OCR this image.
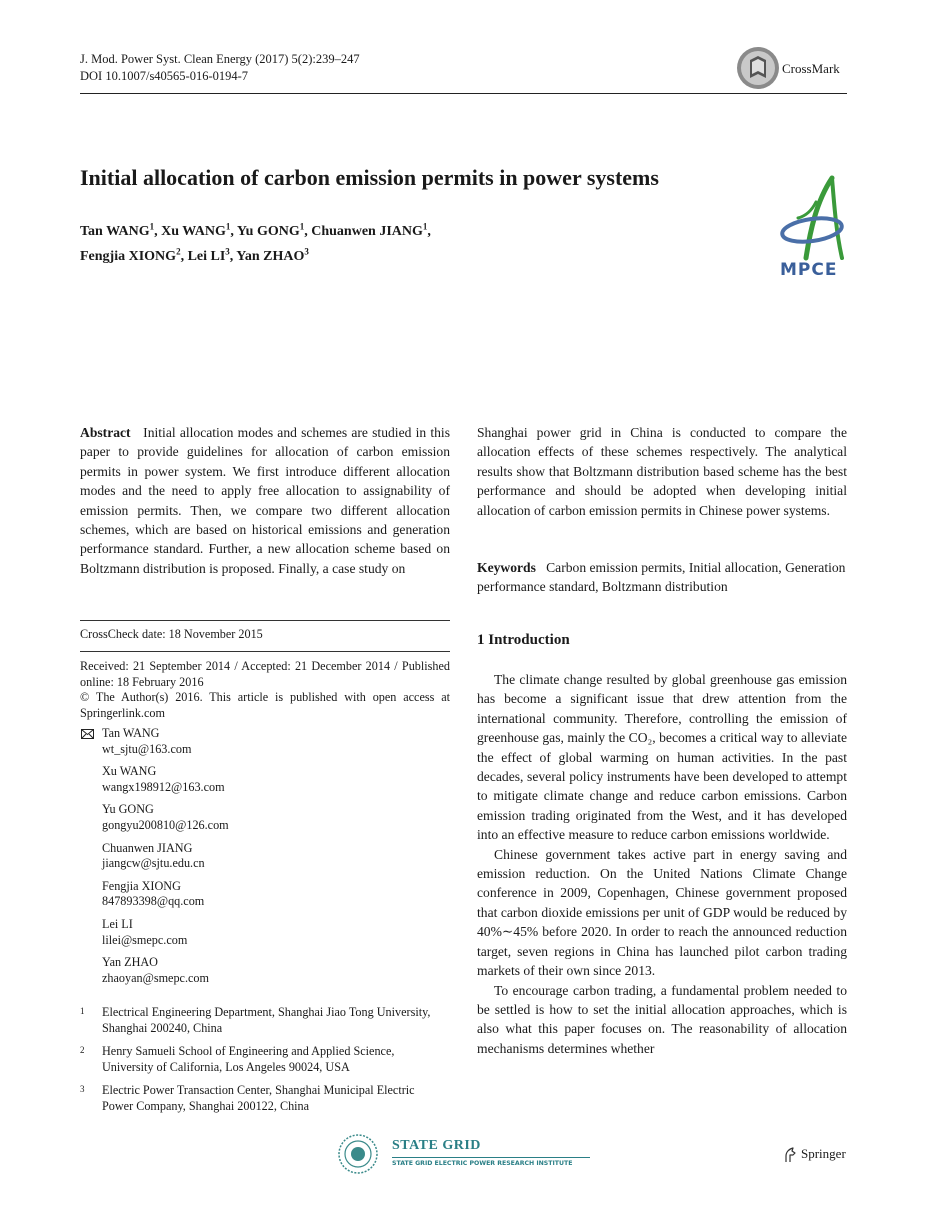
J. Mod. Power Syst. Clean Energy (2017) 5(2):239–247
DOI 10.1007/s40565-016-0194-7	CrossMark
Initial allocation of carbon emission permits in power systems
Tan WANG$^1$, Xu WANG$^1$, Yu GONG$^1$, Chuanwen JIANG$^1$,
Fengjia XIONG$^2$, Lei $LI^3$, Yan ZHAO$^3$
MPCE

Abstract Initial allocation modes and schemes are studied in this paper to provide guidelines for allocation of carbon emission permits in power system. We first introduce different allocation modes and the need to apply free allocation to assignability of emission permits. Then, we compare two different allocation schemes, which are based on historical emissions and generation performance standard. Further, a new allocation scheme based on Boltzmann distribution is proposed. Finally, a case study on

Shanghai power grid in China is conducted to compare the allocation effects of these schemes respectively. The analytical results show that Boltzmann distribution based scheme has the best performance and should be adopted when developing initial allocation of carbon emission permits in Chinese power systems.
Keywords Carbon emission permits, Initial allocation, Generation performance standard, Boltzmann distribution
CrossCheck date: 18 November 2015

Received: 21 September 2014 / Accepted: 21 December 2014 / Published online: 18 February 2016

© The Author(s) 2016. This article is published with open access at Springerlink.com

Tan WANG
wt_sjtu@163.com
Xu WANG
wangx198912@163.com
Yu GONG
gongyu200810@126.com
Chuanwen JIANG
jiangcw@sjtu.edu.cn
Fengjia XIONG
847893398@qq.com
Lei LI
lilei@smepc.com
Yan ZHAO
zhaoyan@smepc.com
1	Electrical Engineering Department, Shanghai Jiao Tong University, Shanghai 200240, China
2	Henry Samueli School of Engineering and Applied Science, University of California, Los Angeles 90024, USA
3	Electric Power Transaction Center, Shanghai Municipal Electric Power Company, Shanghai 200122, China
1 Introduction

The climate change resulted by global greenhouse gas emission has become a significant issue that drew attention from the international community. Therefore, controlling the emission of greenhouse gas, mainly the CO₂, becomes a critical way to alleviate the effect of global warming on human activities. In the past decades, several policy instruments have been developed to attempt to mitigate climate change and reduce carbon emissions. Carbon emission trading originated from the West, and it has developed into an effective measure to reduce carbon emissions worldwide.

Chinese government takes active part in energy saving and emission reduction. On the United Nations Climate Change conference in 2009, Copenhagen, Chinese government proposed that carbon dioxide emissions per unit of GDP would be reduced by 40%∼45% before 2020. In order to reach the announced reduction target, seven regions in China has launched pilot carbon trading markets of their own since 2013.

To encourage carbon trading, a fundamental problem needed to be settled is how to set the initial allocation approaches, which is also what this paper focuses on. The reasonability of allocation mechanisms determines whether

STATE GRID
STATE GRID ELECTRIC POWER RESEARCH INSTITUTE
Springer
